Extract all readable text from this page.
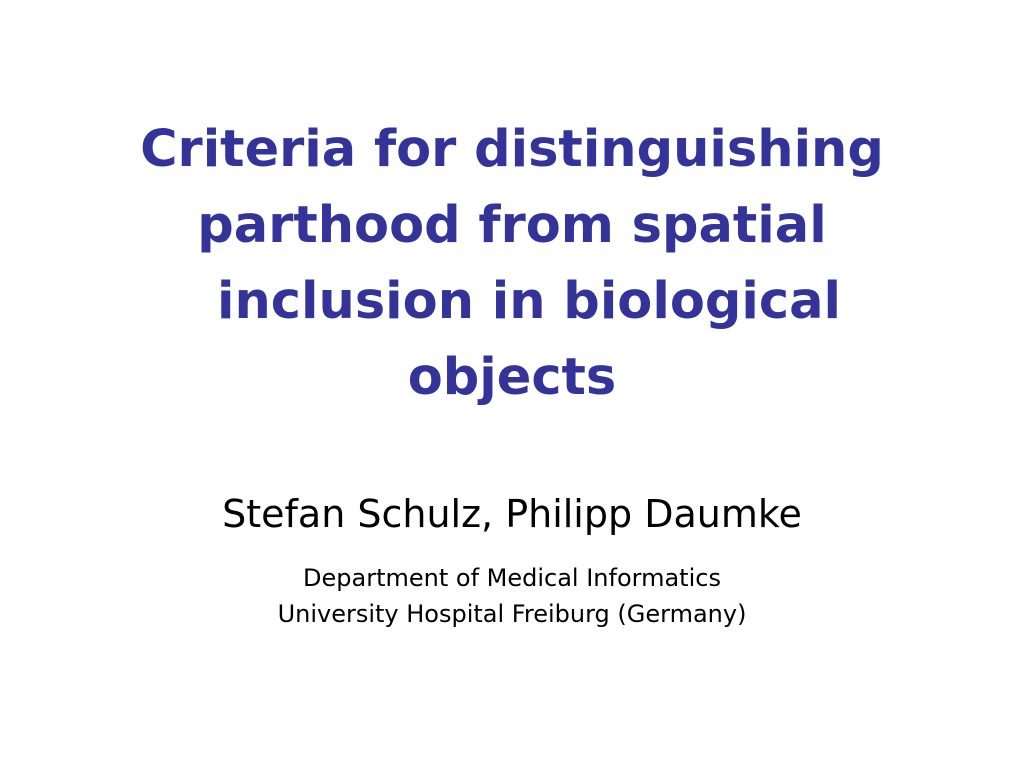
Criteria for distinguishing
parthood from spatial
inclusion in biological
objects
Stefan Schulz, Philipp Daumke
Department of Medical Informatics
University Hospital Freiburg (Germany)
